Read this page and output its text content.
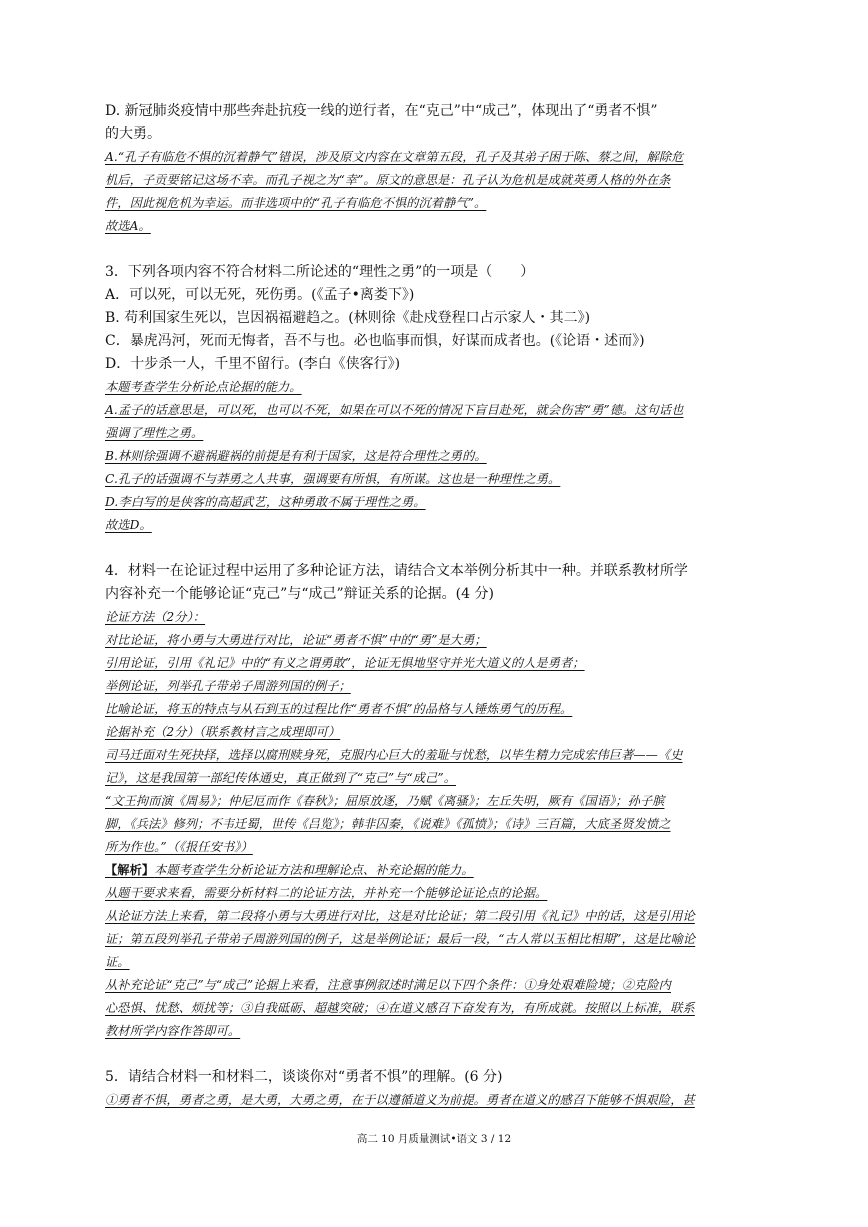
D. 新冠肺炎疫情中那些奔赴抗疫一线的逆行者，在“克己”中“成己”，体现出了“勇者不惧”

的大勇。

A.“孔子有临危不惧的沉着静气”错误，涉及原文内容在文章第五段，孔子及其弟子困于陈、蔡之间，解除危

机后，子贡要铭记这场不幸。而孔子视之为“幸”。原文的意思是：孔子认为危机是成就英勇人格的外在条

件，因此视危机为幸运。而非选项中的“孔子有临危不惧的沉着静气”。

故选A。

3．下列各项内容不符合材料二所论述的“理性之勇”的一项是（　　）

A．可以死，可以无死，死伤勇。(《孟子•离娄下》)

B. 苟利国家生死以，岂因祸福避趋之。(林则徐《赴戍登程口占示家人・其二》)

C．暴虎冯河，死而无悔者，吾不与也。必也临事而惧，好谋而成者也。(《论语・述而》)

D．十步杀一人，千里不留行。(李白《侠客行》)

本题考查学生分析论点论据的能力。

A.孟子的话意思是，可以死，也可以不死，如果在可以不死的情况下盲目赴死，就会伤害“勇”德。这句话也

强调了理性之勇。

B.林则徐强调不避祸避祸的前提是有利于国家，这是符合理性之勇的。

C.孔子的话强调不与莽勇之人共事，强调要有所惧，有所谋。这也是一种理性之勇。

D.李白写的是侠客的高超武艺，这种勇敢不属于理性之勇。

故选D。

4．材料一在论证过程中运用了多种论证方法，请结合文本举例分析其中一种。并联系教材所学

内容补充一个能够论证“克己”与“成己”辩证关系的论据。(4 分)

论证方法（2分）：

对比论证，将小勇与大勇进行对比，论证“勇者不惧”中的“勇”是大勇；

引用论证，引用《礼记》中的“有义之谓勇敢”，论证无惧地坚守并光大道义的人是勇者；

举例论证，列举孔子带弟子周游列国的例子；

比喻论证，将玉的特点与从石到玉的过程比作“勇者不惧”的品格与人锤炼勇气的历程。

论据补充（2分）（联系教材言之成理即可）

司马迁面对生死抉择，选择以腐刑赎身死，克服内心巨大的羞耻与忧愁，以毕生精力完成宏伟巨著——《史

记》，这是我国第一部纪传体通史，真正做到了“克己”与“成己”。

“文王拘而演《周易》；仲尼厄而作《春秋》；屈原放逐，乃赋《离骚》；左丘失明，厥有《国语》；孙子膑

脚，《兵法》修列；不韦迁蜀，世传《吕览》；韩非囚秦，《说难》《孤愤》；《诗》三百篇，大底圣贤发愤之

所为作也。”（《报任安书》）

【解析】本题考查学生分析论证方法和理解论点、补充论据的能力。

从题干要求来看，需要分析材料二的论证方法，并补充一个能够论证论点的论据。

从论证方法上来看，第二段将小勇与大勇进行对比，这是对比论证；第二段引用《礼记》中的话，这是引用论

证；第五段列举孔子带弟子周游列国的例子，这是举例论证；最后一段，“古人常以玉相比相期”，这是比喻论

证。

从补充论证“克己”与“成己”论据上来看，注意事例叙述时满足以下四个条件：①身处艰难险境；②克险内

心恐惧、忧愁、烦扰等；③自我砥砺、超越突破；④在道义感召下奋发有为，有所成就。按照以上标准，联系

教材所学内容作答即可。

5．请结合材料一和材料二，谈谈你对“勇者不惧”的理解。(6 分)

①勇者不惧，勇者之勇，是大勇，大勇之勇，在于以遵循道义为前提。勇者在道义的感召下能够不惧艰险，甚

高二 10 月质量测试•语文 3 / 12
